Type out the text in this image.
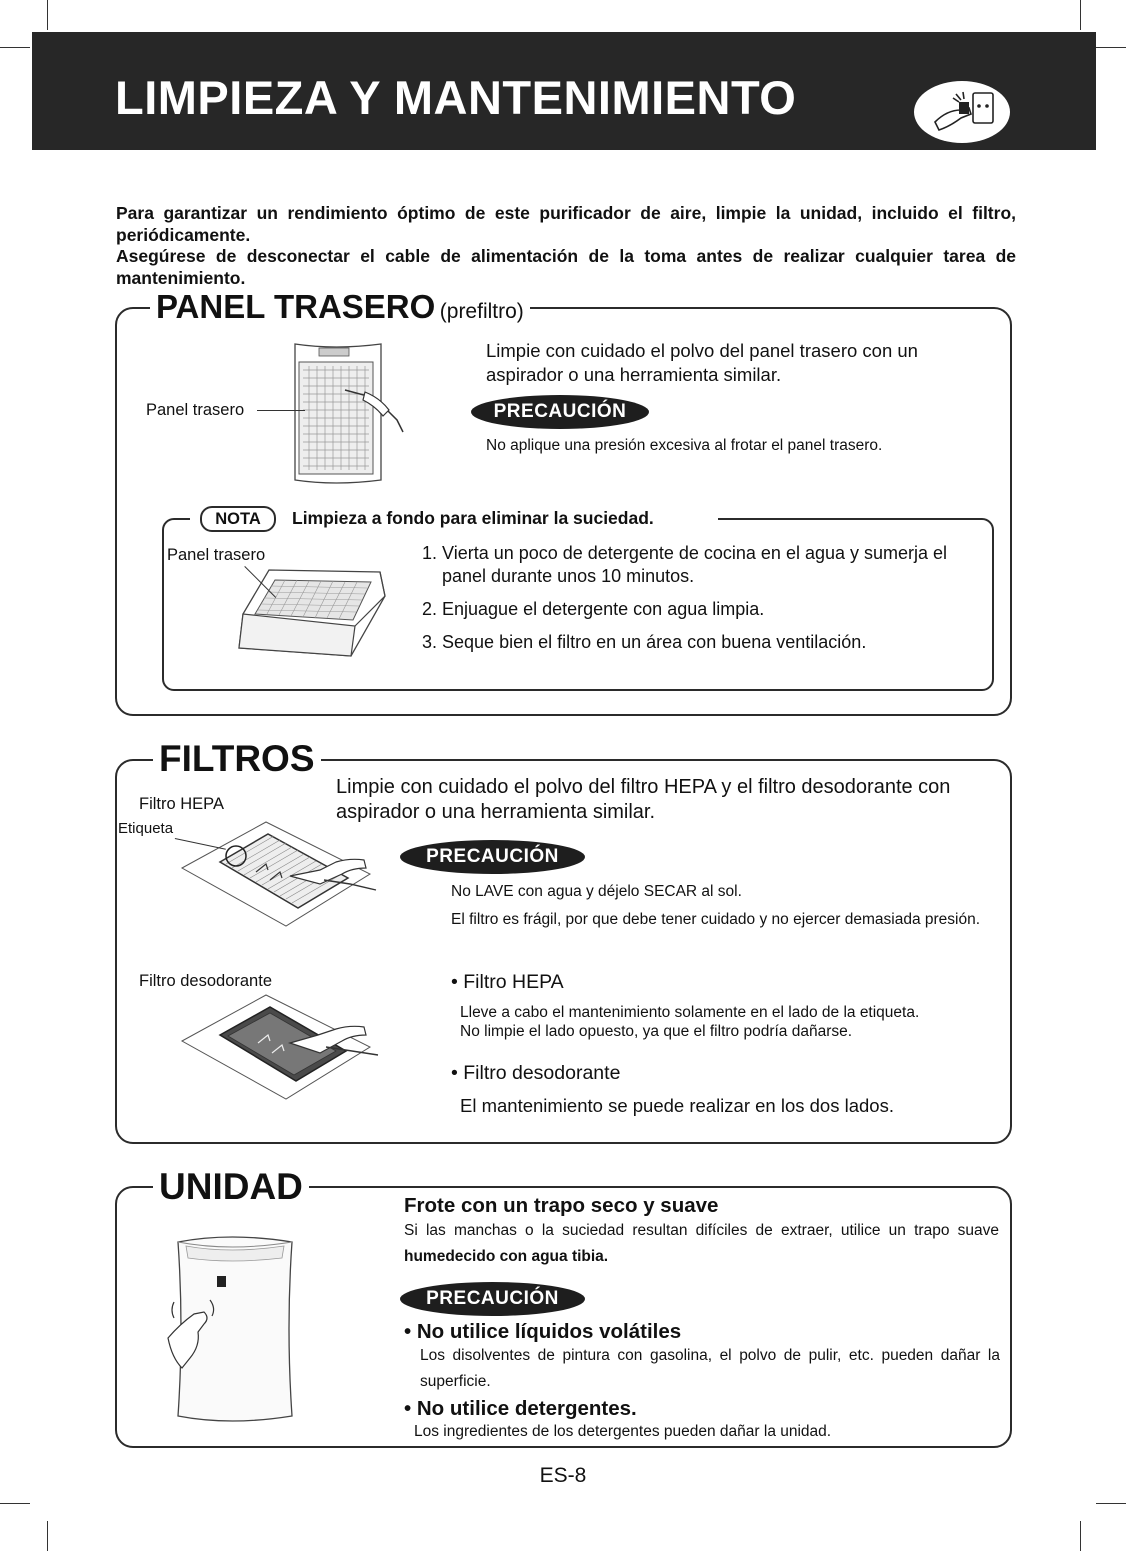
LIMPIEZA Y MANTENIMIENTO

Para garantizar un rendimiento óptimo de este purificador de aire, limpie la unidad, incluido el filtro, periódicamente.

Asegúrese de desconectar el cable de alimentación de la toma antes de realizar cualquier tarea de mantenimiento.

PANEL TRASERO (prefiltro)
Panel trasero

Limpie con cuidado el polvo del panel trasero con un aspirador o una herramienta similar.

PRECAUCIÓN

No aplique una presión excesiva al frotar el panel trasero.

NOTA	Limpieza a fondo para eliminar la suciedad.
Panel trasero	1. Vierta un poco de detergente de cocina en el agua y sumerja el panel durante unos 10 minutos.
2. Enjuague el detergente con agua limpia.
3. Seque bien el filtro en un área con buena ventilación.
FILTROS

Limpie con cuidado el polvo del filtro HEPA y el filtro desodorante con aspirador o una herramienta similar.

Filtro HEPA
Etiqueta
PRECAUCIÓN

No LAVE con agua y déjelo SECAR al sol.

El filtro es frágil, por que debe tener cuidado y no ejercer demasiada presión.

Filtro desodorante	• Filtro HEPA

Lleve a cabo el mantenimiento solamente en el lado de la etiqueta.

No limpie el lado opuesto, ya que el filtro podría dañarse.

• Filtro desodorante

El mantenimiento se puede realizar en los dos lados.

UNIDAD	Frote con un trapo seco y suave

Si las manchas o la suciedad resultan difíciles de extraer, utilice un trapo suave humedecido con agua tibia.

PRECAUCIÓN
• No utilice líquidos volátiles

Los disolventes de pintura con gasolina, el polvo de pulir, etc. pueden dañar la superficie.

• No utilice detergentes.

Los ingredientes de los detergentes pueden dañar la unidad.

ES-8
